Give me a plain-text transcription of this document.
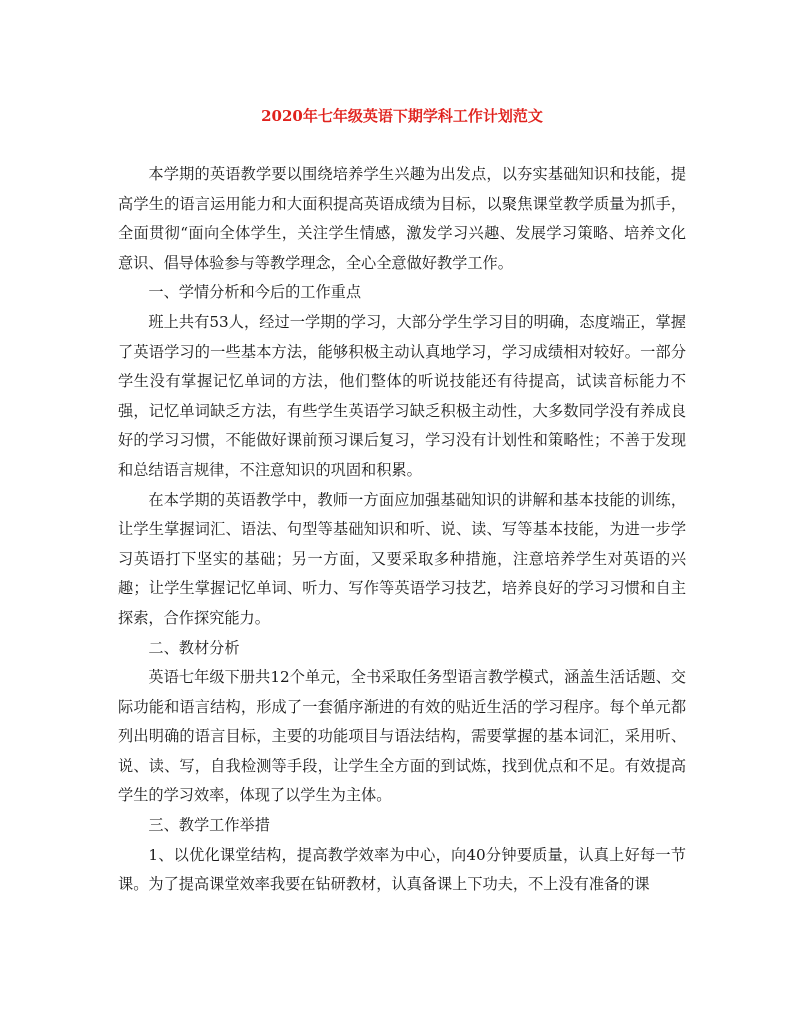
2020年七年级英语下期学科工作计划范文

本学期的英语教学要以围绕培养学生兴趣为出发点，以夯实基础知识和技能，提高学生的语言运用能力和大面积提高英语成绩为目标，以聚焦课堂教学质量为抓手，全面贯彻“面向全体学生，关注学生情感，激发学习兴趣、发展学习策略、培养文化意识、倡导体验参与等教学理念，全心全意做好教学工作。

一、学情分析和今后的工作重点

班上共有53人，经过一学期的学习，大部分学生学习目的明确，态度端正，掌握了英语学习的一些基本方法，能够积极主动认真地学习，学习成绩相对较好。一部分学生没有掌握记忆单词的方法，他们整体的听说技能还有待提高，试读音标能力不强，记忆单词缺乏方法，有些学生英语学习缺乏积极主动性，大多数同学没有养成良好的学习习惯，不能做好课前预习课后复习，学习没有计划性和策略性；不善于发现和总结语言规律，不注意知识的巩固和积累。

在本学期的英语教学中，教师一方面应加强基础知识的讲解和基本技能的训练，让学生掌握词汇、语法、句型等基础知识和听、说、读、写等基本技能，为进一步学习英语打下坚实的基础；另一方面，又要采取多种措施，注意培养学生对英语的兴趣；让学生掌握记忆单词、听力、写作等英语学习技艺，培养良好的学习习惯和自主探索，合作探究能力。

二、教材分析

英语七年级下册共12个单元，全书采取任务型语言教学模式，涵盖生活话题、交际功能和语言结构，形成了一套循序渐进的有效的贴近生活的学习程序。每个单元都列出明确的语言目标，主要的功能项目与语法结构，需要掌握的基本词汇，采用听、说、读、写，自我检测等手段，让学生全方面的到试炼，找到优点和不足。有效提高学生的学习效率，体现了以学生为主体。

三、教学工作举措

1、以优化课堂结构，提高教学效率为中心，向40分钟要质量，认真上好每一节课。为了提高课堂效率我要在钻研教材，认真备课上下功夫，不上没有准备的课
